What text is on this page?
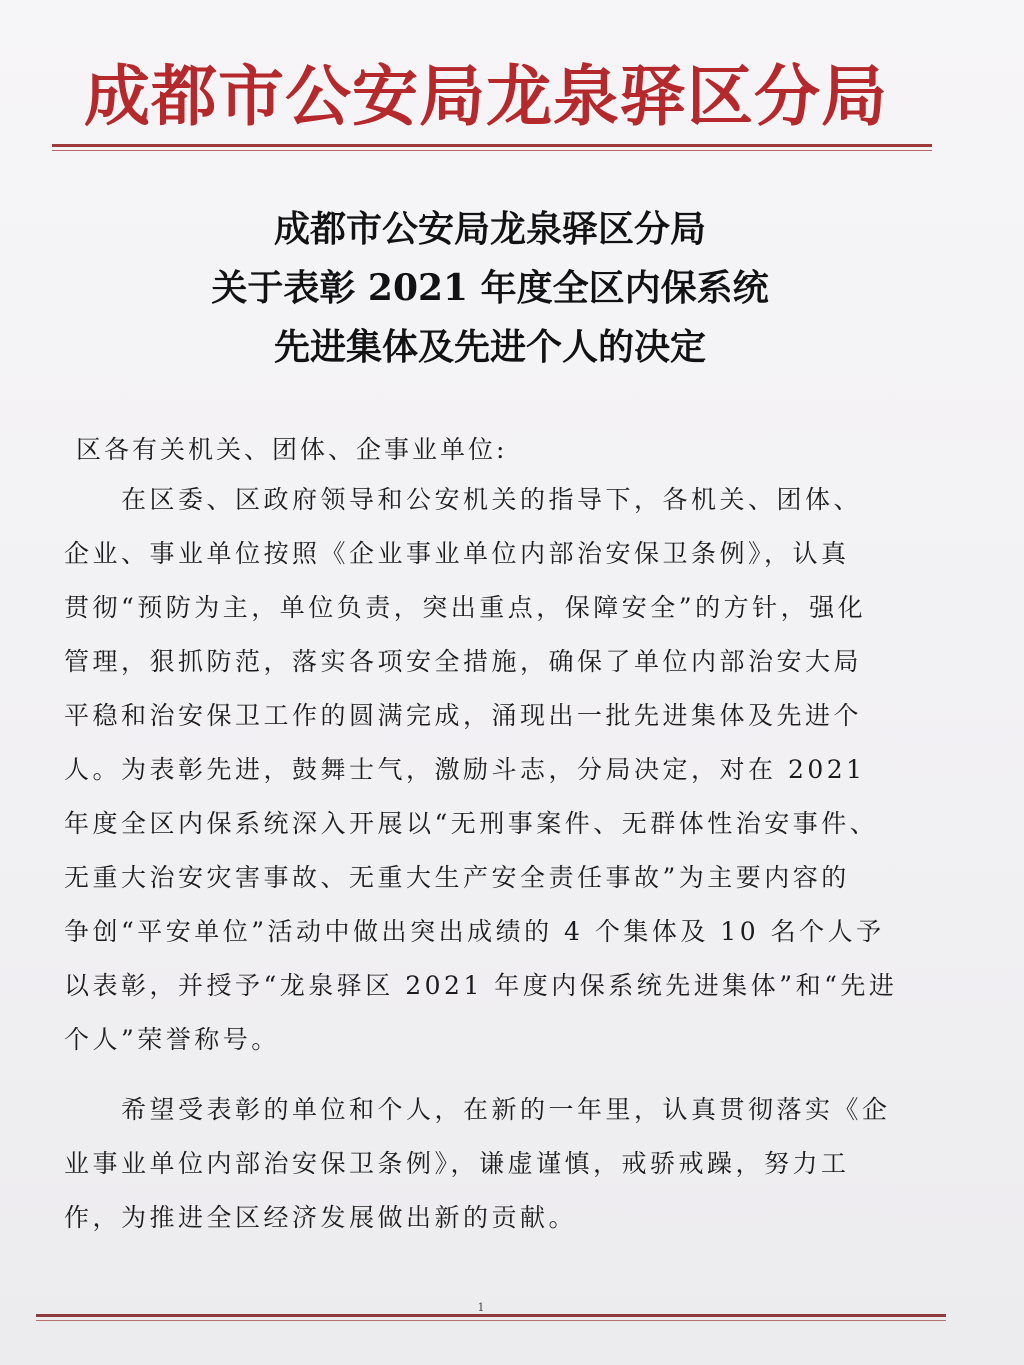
成都市公安局龙泉驿区分局
成都市公安局龙泉驿区分局
关于表彰 2021 年度全区内保系统
先进集体及先进个人的决定
区各有关机关、团体、企事业单位:
　　在区委、区政府领导和公安机关的指导下，各机关、团体、
企业、事业单位按照《企业事业单位内部治安保卫条例》，认真
贯彻“预防为主，单位负责，突出重点，保障安全”的方针，强化
管理，狠抓防范，落实各项安全措施，确保了单位内部治安大局
平稳和治安保卫工作的圆满完成，涌现出一批先进集体及先进个
人。为表彰先进，鼓舞士气，激励斗志，分局决定，对在 2021
年度全区内保系统深入开展以“无刑事案件、无群体性治安事件、
无重大治安灾害事故、无重大生产安全责任事故”为主要内容的
争创“平安单位”活动中做出突出成绩的 4 个集体及 10 名个人予
以表彰，并授予“龙泉驿区 2021 年度内保系统先进集体”和“先进
个人”荣誉称号。
　　希望受表彰的单位和个人，在新的一年里，认真贯彻落实《企
业事业单位内部治安保卫条例》，谦虚谨慎，戒骄戒躁，努力工
作，为推进全区经济发展做出新的贡献。
1
